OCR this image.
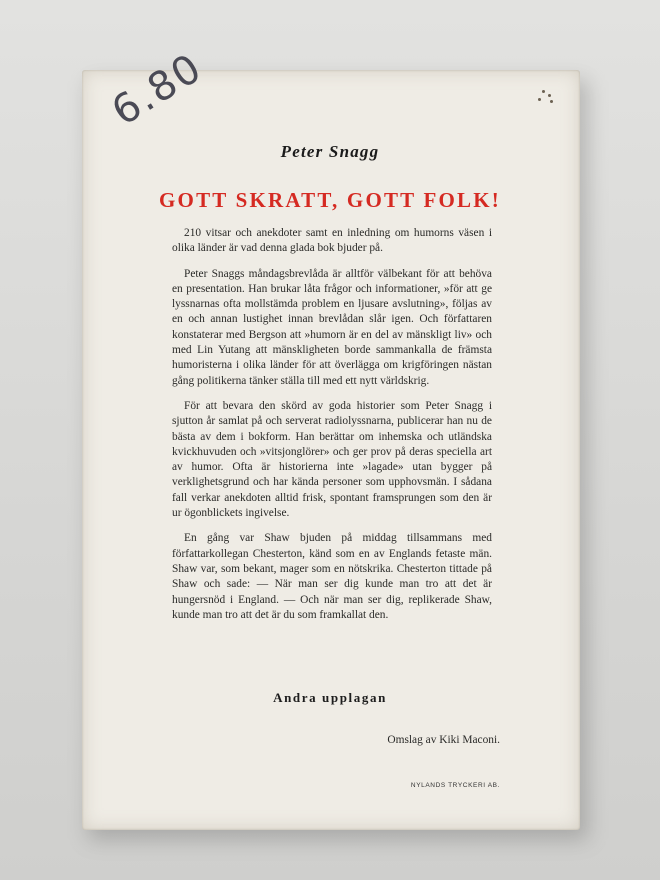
6.80
Peter Snagg
GOTT SKRATT, GOTT FOLK!

210 vitsar och anekdoter samt en inledning om humorns väsen i olika länder är vad denna glada bok bjuder på.

Peter Snaggs måndagsbrevlåda är alltför välbekant för att behöva en presentation. Han brukar låta frågor och informationer, »för att ge lyssnarnas ofta mollstämda problem en ljusare avslutning», följas av en och annan lustighet innan brevlådan slår igen. Och författaren konstaterar med Bergson att »humorn är en del av mänskligt liv» och med Lin Yutang att mänskligheten borde sammankalla de främsta humoristerna i olika länder för att överlägga om krigföringen nästan gång politikerna tänker ställa till med ett nytt världskrig.

För att bevara den skörd av goda historier som Peter Snagg i sjutton år samlat på och serverat radiolyssnarna, publicerar han nu de bästa av dem i bokform. Han berättar om inhemska och utländska kvickhuvuden och »vitsjonglörer» och ger prov på deras speciella art av humor. Ofta är historierna inte »lagade» utan bygger på verklighetsgrund och har kända personer som upphovsmän. I sådana fall verkar anekdoten alltid frisk, spontant framsprungen som den är ur ögonblickets ingivelse.

En gång var Shaw bjuden på middag tillsammans med författarkollegan Chesterton, känd som en av Englands fetaste män. Shaw var, som bekant, mager som en nötskrika. Chesterton tittade på Shaw och sade: — När man ser dig kunde man tro att det är hungersnöd i England. — Och när man ser dig, replikerade Shaw, kunde man tro att det är du som framkallat den.

Andra upplagan
Omslag av Kiki Maconi.
NYLANDS TRYCKERI AB.
